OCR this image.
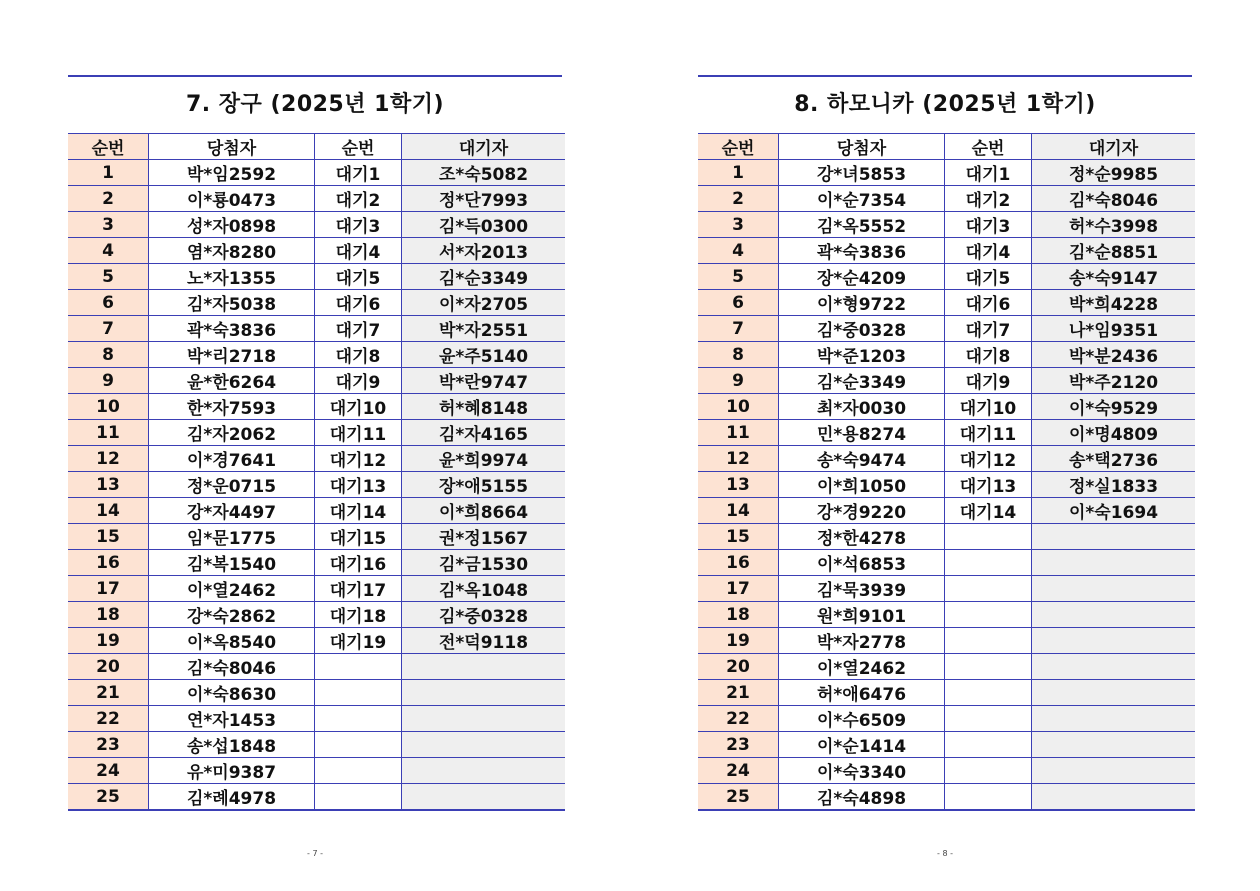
7. 장구 (2025년 1학기)
순번	당첨자	순번	대기자
1	박*임2592	대기1	조*숙5082
2	이*룡0473	대기2	정*단7993
3	성*자0898	대기3	김*득0300
4	염*자8280	대기4	서*자2013
5	노*자1355	대기5	김*순3349
6	김*자5038	대기6	이*자2705
7	곽*숙3836	대기7	박*자2551
8	박*리2718	대기8	윤*주5140
9	윤*한6264	대기9	박*란9747
10	한*자7593	대기10	허*혜8148
11	김*자2062	대기11	김*자4165
12	이*경7641	대기12	윤*희9974
13	정*운0715	대기13	장*애5155
14	강*자4497	대기14	이*희8664
15	임*문1775	대기15	권*정1567
16	김*복1540	대기16	김*금1530
17	이*열2462	대기17	김*옥1048
18	강*숙2862	대기18	김*중0328
19	이*옥8540	대기19	전*덕9118
20	김*숙8046		
21	이*숙8630		
22	연*자1453		
23	송*섭1848		
24	유*미9387		
25	김*례4978		
8. 하모니카 (2025년 1학기)
순번	당첨자	순번	대기자
1	강*녀5853	대기1	정*순9985
2	이*순7354	대기2	김*숙8046
3	김*옥5552	대기3	허*수3998
4	곽*숙3836	대기4	김*순8851
5	장*순4209	대기5	송*숙9147
6	이*형9722	대기6	박*희4228
7	김*중0328	대기7	나*임9351
8	박*준1203	대기8	박*분2436
9	김*순3349	대기9	박*주2120
10	최*자0030	대기10	이*숙9529
11	민*용8274	대기11	이*명4809
12	송*숙9474	대기12	송*택2736
13	이*희1050	대기13	정*실1833
14	강*경9220	대기14	이*숙1694
15	정*한4278		
16	이*석6853		
17	김*묵3939		
18	원*희9101		
19	박*자2778		
20	이*열2462		
21	허*애6476		
22	이*수6509		
23	이*순1414		
24	이*숙3340		
25	김*숙4898		
- 7 -	- 8 -
